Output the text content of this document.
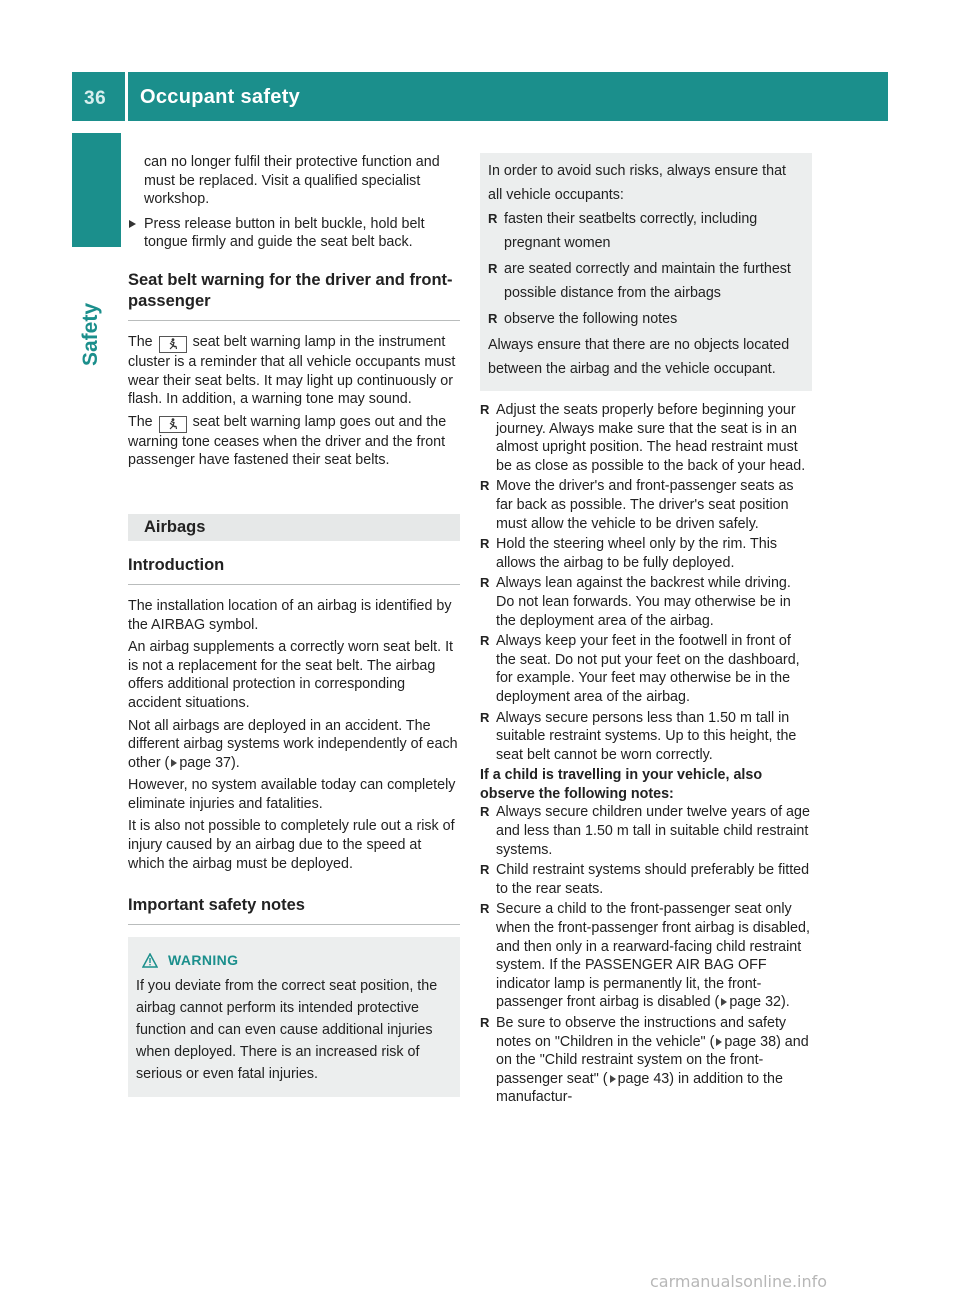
36 Occupant safety
Safety

can no longer fulfil their protective function and must be replaced. Visit a qualified specialist workshop.

Press release button in belt buckle, hold belt tongue firmly and guide the seat belt back.

Seat belt warning for the driver and front-passenger

The	seat belt warning lamp in the instrument cluster is a reminder that all vehicle occupants must wear their seat belts. It may light up continuously or flash. In addition, a warning tone may sound.

The	seat belt warning lamp goes out and the warning tone ceases when the driver and the front passenger have fastened their seat belts.

Airbags
Introduction

The installation location of an airbag is identified by the AIRBAG symbol.

An airbag supplements a correctly worn seat belt. It is not a replacement for the seat belt. The airbag offers additional protection in corresponding accident situations.

Not all airbags are deployed in an accident. The different airbag systems work independently of each other ( page 37).

However, no system available today can completely eliminate injuries and fatalities.

It is also not possible to completely rule out a risk of injury caused by an airbag due to the speed at which the airbag must be deployed.

Important safety notes
WARNING
If you deviate from the correct seat position, the airbag cannot perform its intended protective function and can even cause additional injuries when deployed. There is an increased risk of serious or even fatal injuries.
In order to avoid such risks, always ensure that all vehicle occupants:
R fasten their seatbelts correctly, including pregnant women
R are seated correctly and maintain the furthest possible distance from the airbags
R observe the following notes
Always ensure that there are no objects located between the airbag and the vehicle occupant.
R Adjust the seats properly before beginning your journey. Always make sure that the seat is in an almost upright position. The head restraint must be as close as possible to the back of your head.
R Move the driver's and front-passenger seats as far back as possible. The driver's seat position must allow the vehicle to be driven safely.
R Hold the steering wheel only by the rim. This allows the airbag to be fully deployed.
R Always lean against the backrest while driving. Do not lean forwards. You may otherwise be in the deployment area of the airbag.
R Always keep your feet in the footwell in front of the seat. Do not put your feet on the dashboard, for example. Your feet may otherwise be in the deployment area of the airbag.
R Always secure persons less than 1.50 m tall in suitable restraint systems. Up to this height, the seat belt cannot be worn correctly.

If a child is travelling in your vehicle, also observe the following notes:

R Always secure children under twelve years of age and less than 1.50 m tall in suitable child restraint systems.
R Child restraint systems should preferably be fitted to the rear seats.
R Secure a child to the front-passenger seat only when the front-passenger front airbag is disabled, and then only in a rearward-facing child restraint system. If the PASSENGER AIR BAG OFF indicator lamp is permanently lit, the front-passenger front airbag is disabled ( page 32).
R Be sure to observe the instructions and safety notes on "Children in the vehicle" ( page 38) and on the "Child restraint system on the front-passenger seat" ( page 43) in addition to the manufactur-
carmanualsonline.info
